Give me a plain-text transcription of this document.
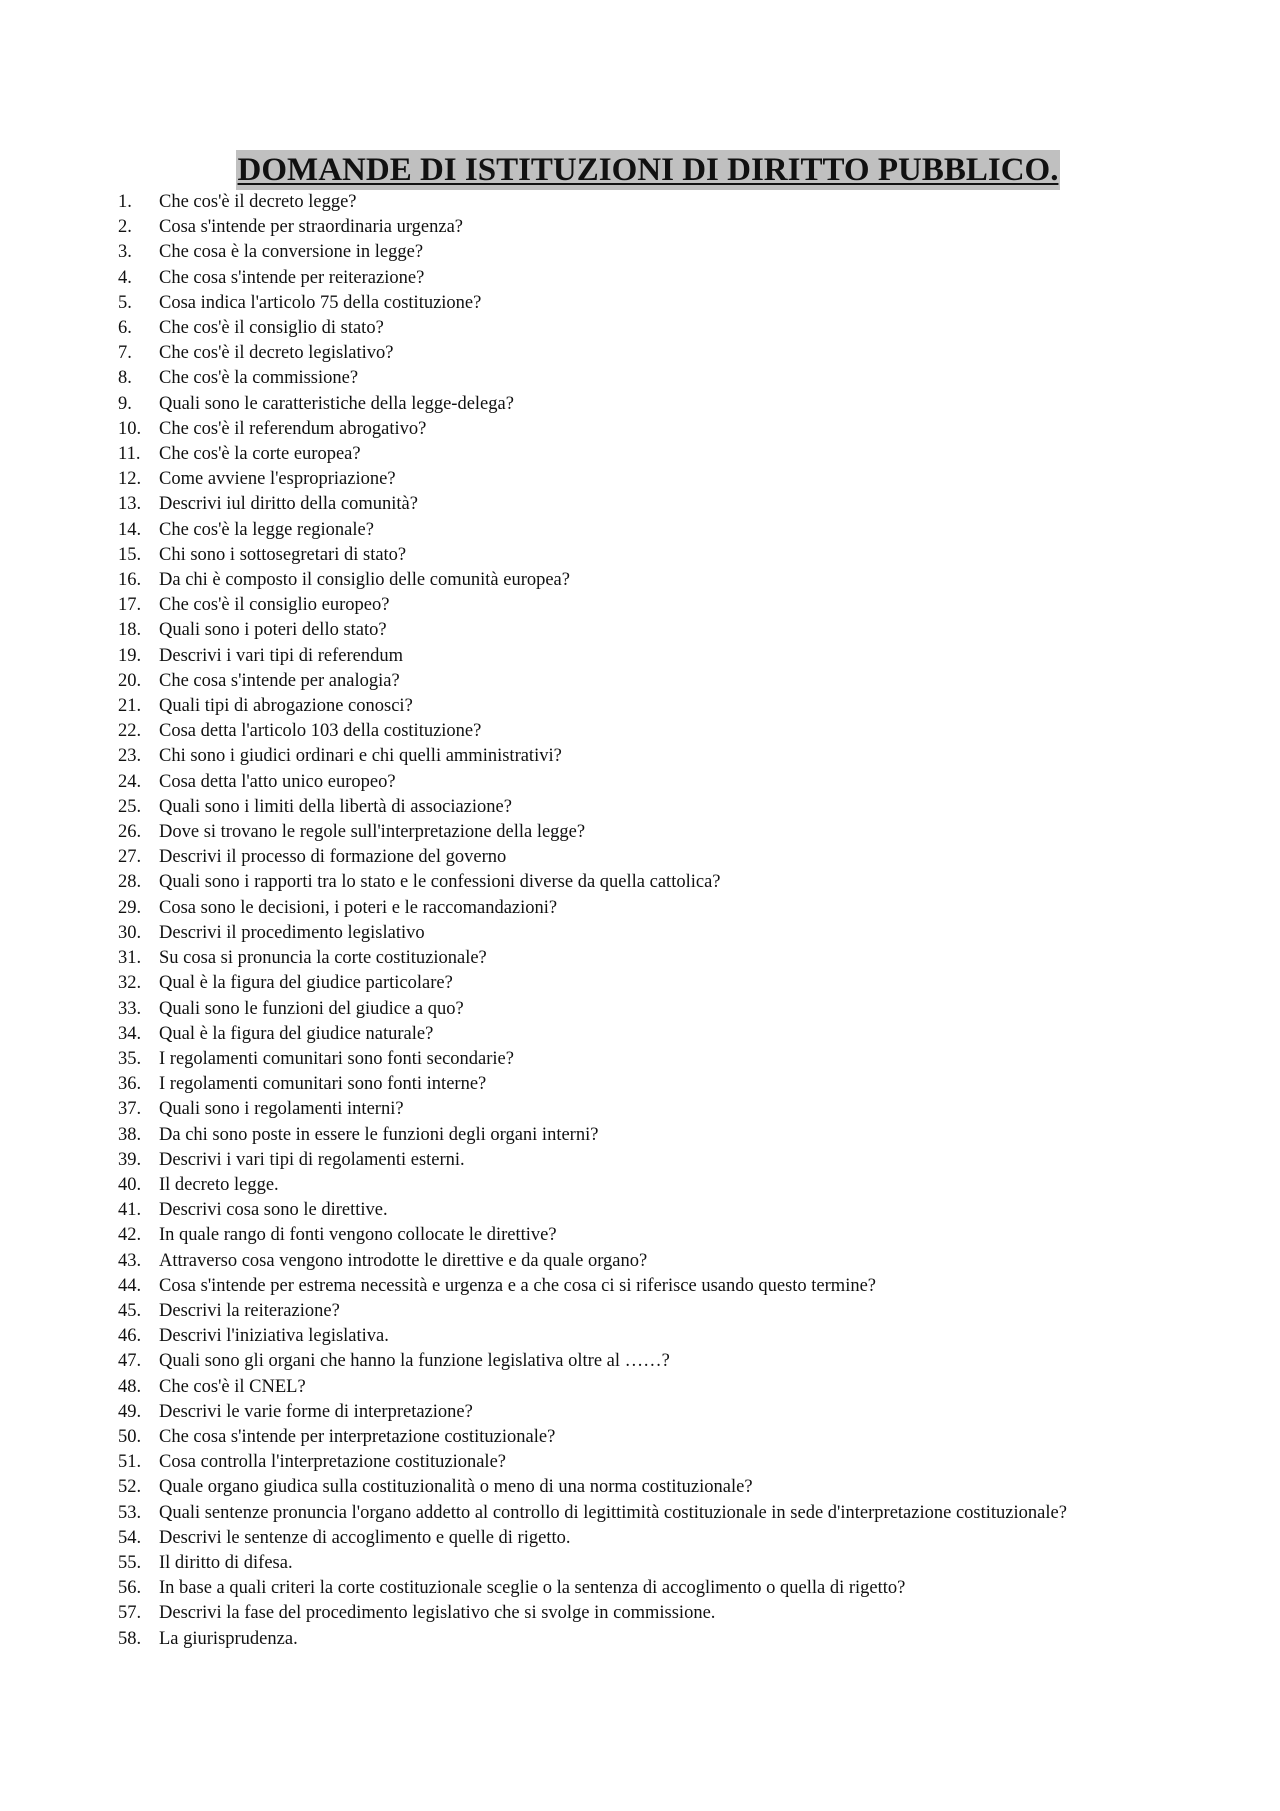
DOMANDE DI ISTITUZIONI DI DIRITTO PUBBLICO.
1.	Che cos'è il decreto legge?
2.	Cosa s'intende per straordinaria urgenza?
3.	Che cosa è la conversione in legge?
4.	Che cosa s'intende per reiterazione?
5.	Cosa indica l'articolo 75 della costituzione?
6.	Che cos'è il consiglio di stato?
7.	Che cos'è il decreto legislativo?
8.	Che cos'è la commissione?
9.	Quali sono le caratteristiche della legge-delega?
10. Che cos'è il referendum abrogativo?
11.	Che cos'è la corte europea?
12. Come avviene l'espropriazione?
13. Descrivi iul diritto della comunità?
14. Che cos'è la legge regionale?
15. Chi sono i sottosegretari di stato?
16. Da chi è composto il consiglio delle comunità europea?
17. Che cos'è il consiglio europeo?
18. Quali sono i poteri dello stato?
19. Descrivi i vari tipi di referendum
20. Che cosa s'intende per analogia?
21. Quali tipi di abrogazione conosci?
22. Cosa detta l'articolo 103 della costituzione?
23. Chi sono i giudici ordinari e chi quelli amministrativi?
24. Cosa detta l'atto unico europeo?
25. Quali sono i limiti della libertà di associazione?
26. Dove si trovano le regole sull'interpretazione della legge?
27. Descrivi il processo di formazione del governo
28. Quali sono i rapporti tra lo stato e le confessioni diverse da quella cattolica?
29. Cosa sono le decisioni, i poteri e le raccomandazioni?
30. Descrivi il procedimento legislativo
31. Su cosa si pronuncia la corte costituzionale?
32. Qual è la figura del giudice particolare?
33. Quali sono le funzioni del giudice a quo?
34. Qual è la figura del giudice naturale?
35. I regolamenti comunitari sono fonti secondarie?
36. I regolamenti comunitari sono fonti interne?
37. Quali sono i regolamenti interni?
38. Da chi sono poste in essere le funzioni degli organi interni?
39. Descrivi i vari tipi di regolamenti esterni.
40. Il decreto legge.
41. Descrivi cosa sono le direttive.
42. In quale rango di fonti vengono collocate le direttive?
43. Attraverso cosa vengono introdotte le direttive e da quale organo?
44. Cosa s'intende per estrema necessità e urgenza e a che cosa ci si riferisce usando questo termine?
45. Descrivi la reiterazione?
46. Descrivi l'iniziativa legislativa.
47. Quali sono gli organi che hanno la funzione legislativa oltre al ……?
48. Che cos'è il CNEL?
49. Descrivi le varie forme di interpretazione?
50. Che cosa s'intende per interpretazione costituzionale?
51. Cosa controlla l'interpretazione costituzionale?
52. Quale organo giudica sulla costituzionalità o meno di una norma costituzionale?
53. Quali sentenze pronuncia l'organo addetto al controllo di legittimità costituzionale in sede d'interpretazione costituzionale?
54. Descrivi le sentenze di accoglimento e quelle di rigetto.
55. Il diritto di difesa.
56. In base a quali criteri la corte costituzionale sceglie o la sentenza di accoglimento o quella di rigetto?
57. Descrivi la fase del procedimento legislativo che si svolge in commissione.
58. La giurisprudenza.
